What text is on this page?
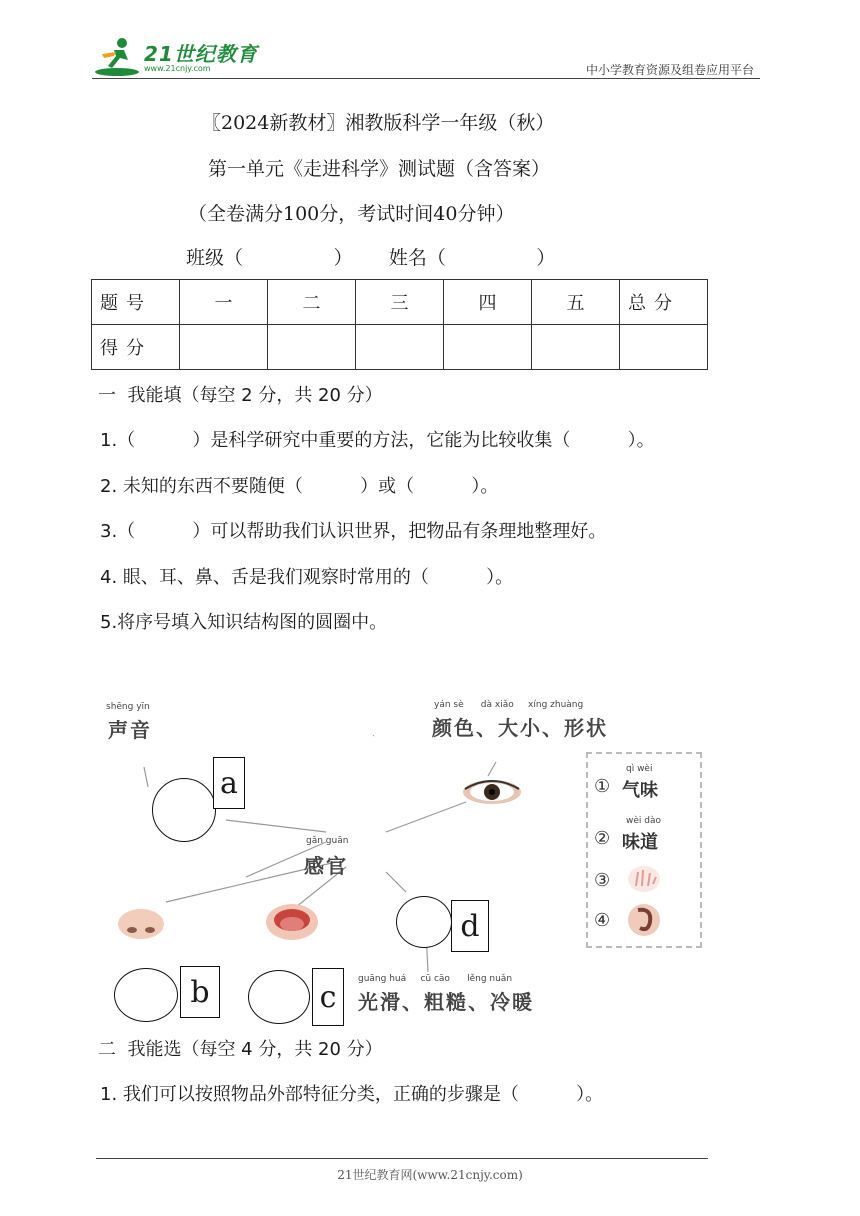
21世纪教育
www.21cnjy.com	中小学教育资源及组卷应用平台
〖2024新教材〗湘教版科学一年级（秋）
第一单元《走进科学》测试题（含答案）
（全卷满分100分，考试时间40分钟）
班级（               ）      姓名（               ）
题号	一	二	三	四	五	总分
得分						
一  我能填（每空 2 分，共 20 分）
1.（          ）是科学研究中重要的方法，它能为比较收集（          ）。
2. 未知的东西不要随便（          ）或（          ）。
3.（          ）可以帮助我们认识世界，把物品有条理地整理好。
4. 眼、耳、鼻、舌是我们观察时常用的（          ）。
5.将序号填入知识结构图的圆圈中。
shēng yīn
声音
yán sè      dà xiǎo     xíng zhuàng
颜色、大小、形状
gǎn guān
感官
guāng huá     cū cāo      lěng nuǎn
光滑、粗糙、冷暖
a
b	c
d
①
qì wèi
气味
②
wèi dào
味道
③
④
ˏ
二  我能选（每空 4 分，共 20 分）
1. 我们可以按照物品外部特征分类，正确的步骤是（          ）。
21世纪教育网(www.21cnjy.com)
